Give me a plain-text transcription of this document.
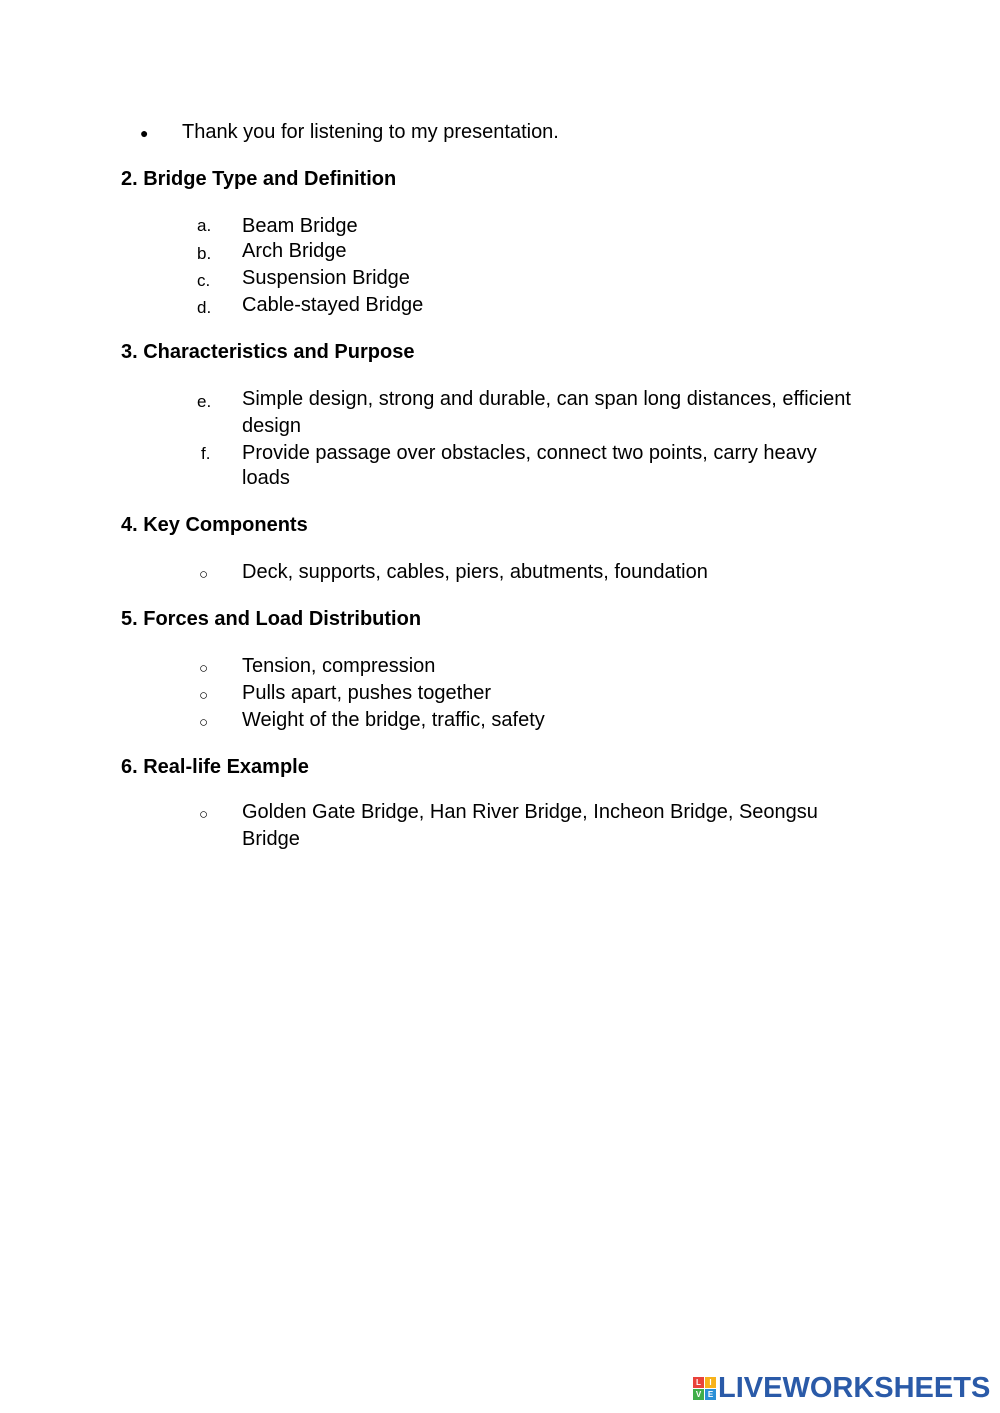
● Thank you for listening to my presentation.
2. Bridge Type and Definition
a. Beam Bridge
b. Arch Bridge
c. Suspension Bridge
d. Cable-stayed Bridge
3. Characteristics and Purpose
e. Simple design, strong and durable, can span long distances, efficient
design
f. Provide passage over obstacles, connect two points, carry heavy
loads
4. Key Components
○ Deck, supports, cables, piers, abutments, foundation
5. Forces and Load Distribution
○ Tension, compression
○ Pulls apart, pushes together
○ Weight of the bridge, traffic, safety
6. Real-life Example
○ Golden Gate Bridge, Han River Bridge, Incheon Bridge, Seongsu
Bridge
L	I
V E LIVEWORKSHEETS
